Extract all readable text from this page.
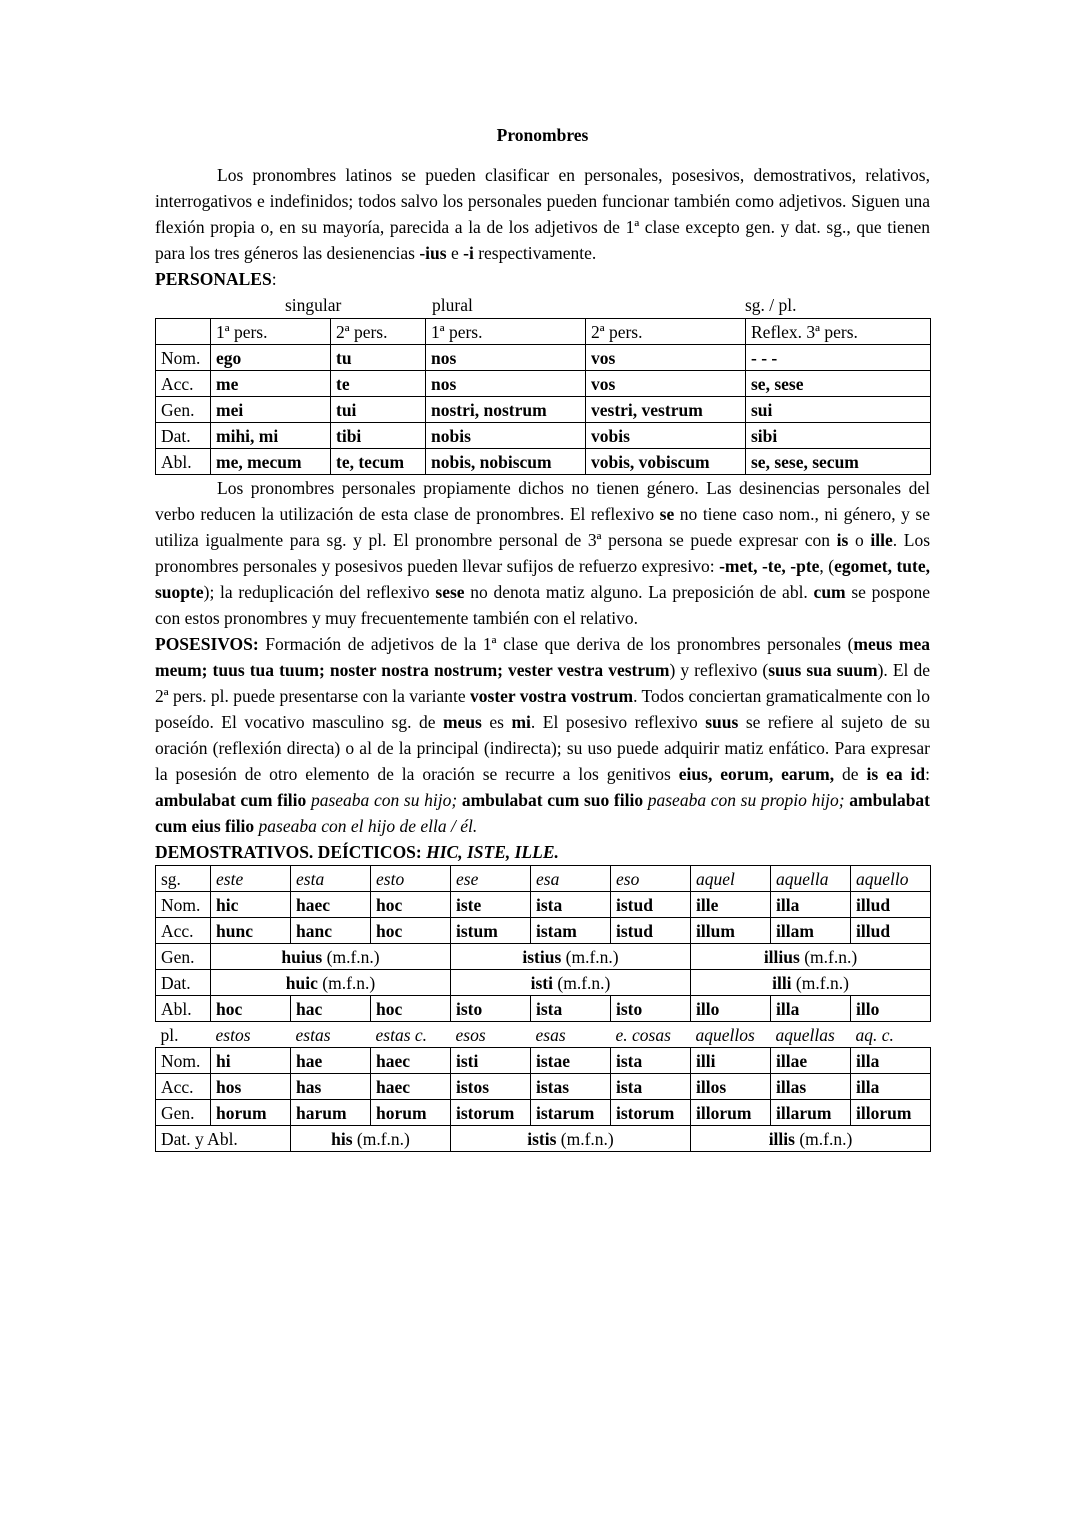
Pronombres

Los pronombres latinos se pueden clasificar en personales, posesivos, demostrativos, relativos, interrogativos e indefinidos; todos salvo los personales pueden funcionar también como adjetivos. Siguen una flexión propia o, en su mayoría, parecida a la de los adjetivos de 1ª clase excepto gen. y dat. sg., que tienen para los tres géneros las desienencias -ius e -i respectivamente.

PERSONALES:

singular	plural	sg. / pl.
	1ª pers.	2ª pers.	1ª pers.	2ª pers.	Reflex. 3ª pers.
Nom.	ego	tu	nos	vos	- - -
Acc.	me	te	nos	vos	se, sese
Gen.	mei	tui	nostri, nostrum	vestri, vestrum	sui
Dat.	mihi, mi	tibi	nobis	vobis	sibi
Abl.	me, mecum	te, tecum	nobis, nobiscum	vobis, vobiscum	se, sese, secum

Los pronombres personales propiamente dichos no tienen género. Las desinencias personales del verbo reducen la utilización de esta clase de pronombres. El reflexivo se no tiene caso nom., ni género, y se utiliza igualmente para sg. y pl. El pronombre personal de 3ª persona se puede expresar con is o ille. Los pronombres personales y posesivos pueden llevar sufijos de refuerzo expresivo: -met, -te, -pte, (egomet, tute, suopte); la reduplicación del reflexivo sese no denota matiz alguno. La preposición de abl. cum se pospone con estos pronombres y muy frecuentemente también con el relativo.

POSESIVOS: Formación de adjetivos de la 1ª clase que deriva de los pronombres personales (meus mea meum; tuus tua tuum; noster nostra nostrum; vester vestra vestrum) y reflexivo (suus sua suum). El de 2ª pers. pl. puede presentarse con la variante voster vostra vostrum. Todos conciertan gramaticalmente con lo poseído. El vocativo masculino sg. de meus es mi. El posesivo reflexivo suus se refiere al sujeto de su oración (reflexión directa) o al de la principal (indirecta); su uso puede adquirir matiz enfático. Para expresar la posesión de otro elemento de la oración se recurre a los genitivos eius, eorum, earum, de is ea id: ambulabat cum filio paseaba con su hijo; ambulabat cum suo filio paseaba con su propio hijo; ambulabat cum eius filio paseaba con el hijo de ella / él.

DEMOSTRATIVOS. DEÍCTICOS: HIC, ISTE, ILLE.

sg.	este	esta	esto	ese	esa	eso	aquel	aquella	aquello
Nom.	hic	haec	hoc	iste	ista	istud	ille	illa	illud
Acc.	hunc	hanc	hoc	istum	istam	istud	illum	illam	illud
Gen.	huius (m.f.n.)			istius (m.f.n.)			illius (m.f.n.)		
Dat.	huic (m.f.n.)			isti (m.f.n.)			illi (m.f.n.)		
Abl.	hoc	hac	hoc	isto	ista	isto	illo	illa	illo
pl.	estos	estas	estas c.	esos	esas	e. cosas	aquellos	aquellas	aq. c.
Nom.	hi	hae	haec	isti	istae	ista	illi	illae	illa
Acc.	hos	has	haec	istos	istas	ista	illos	illas	illa
Gen.	horum	harum	horum	istorum	istarum	istorum	illorum	illarum	illorum
Dat. y Abl.		his (m.f.n.)		istis (m.f.n.)			illis (m.f.n.)		
